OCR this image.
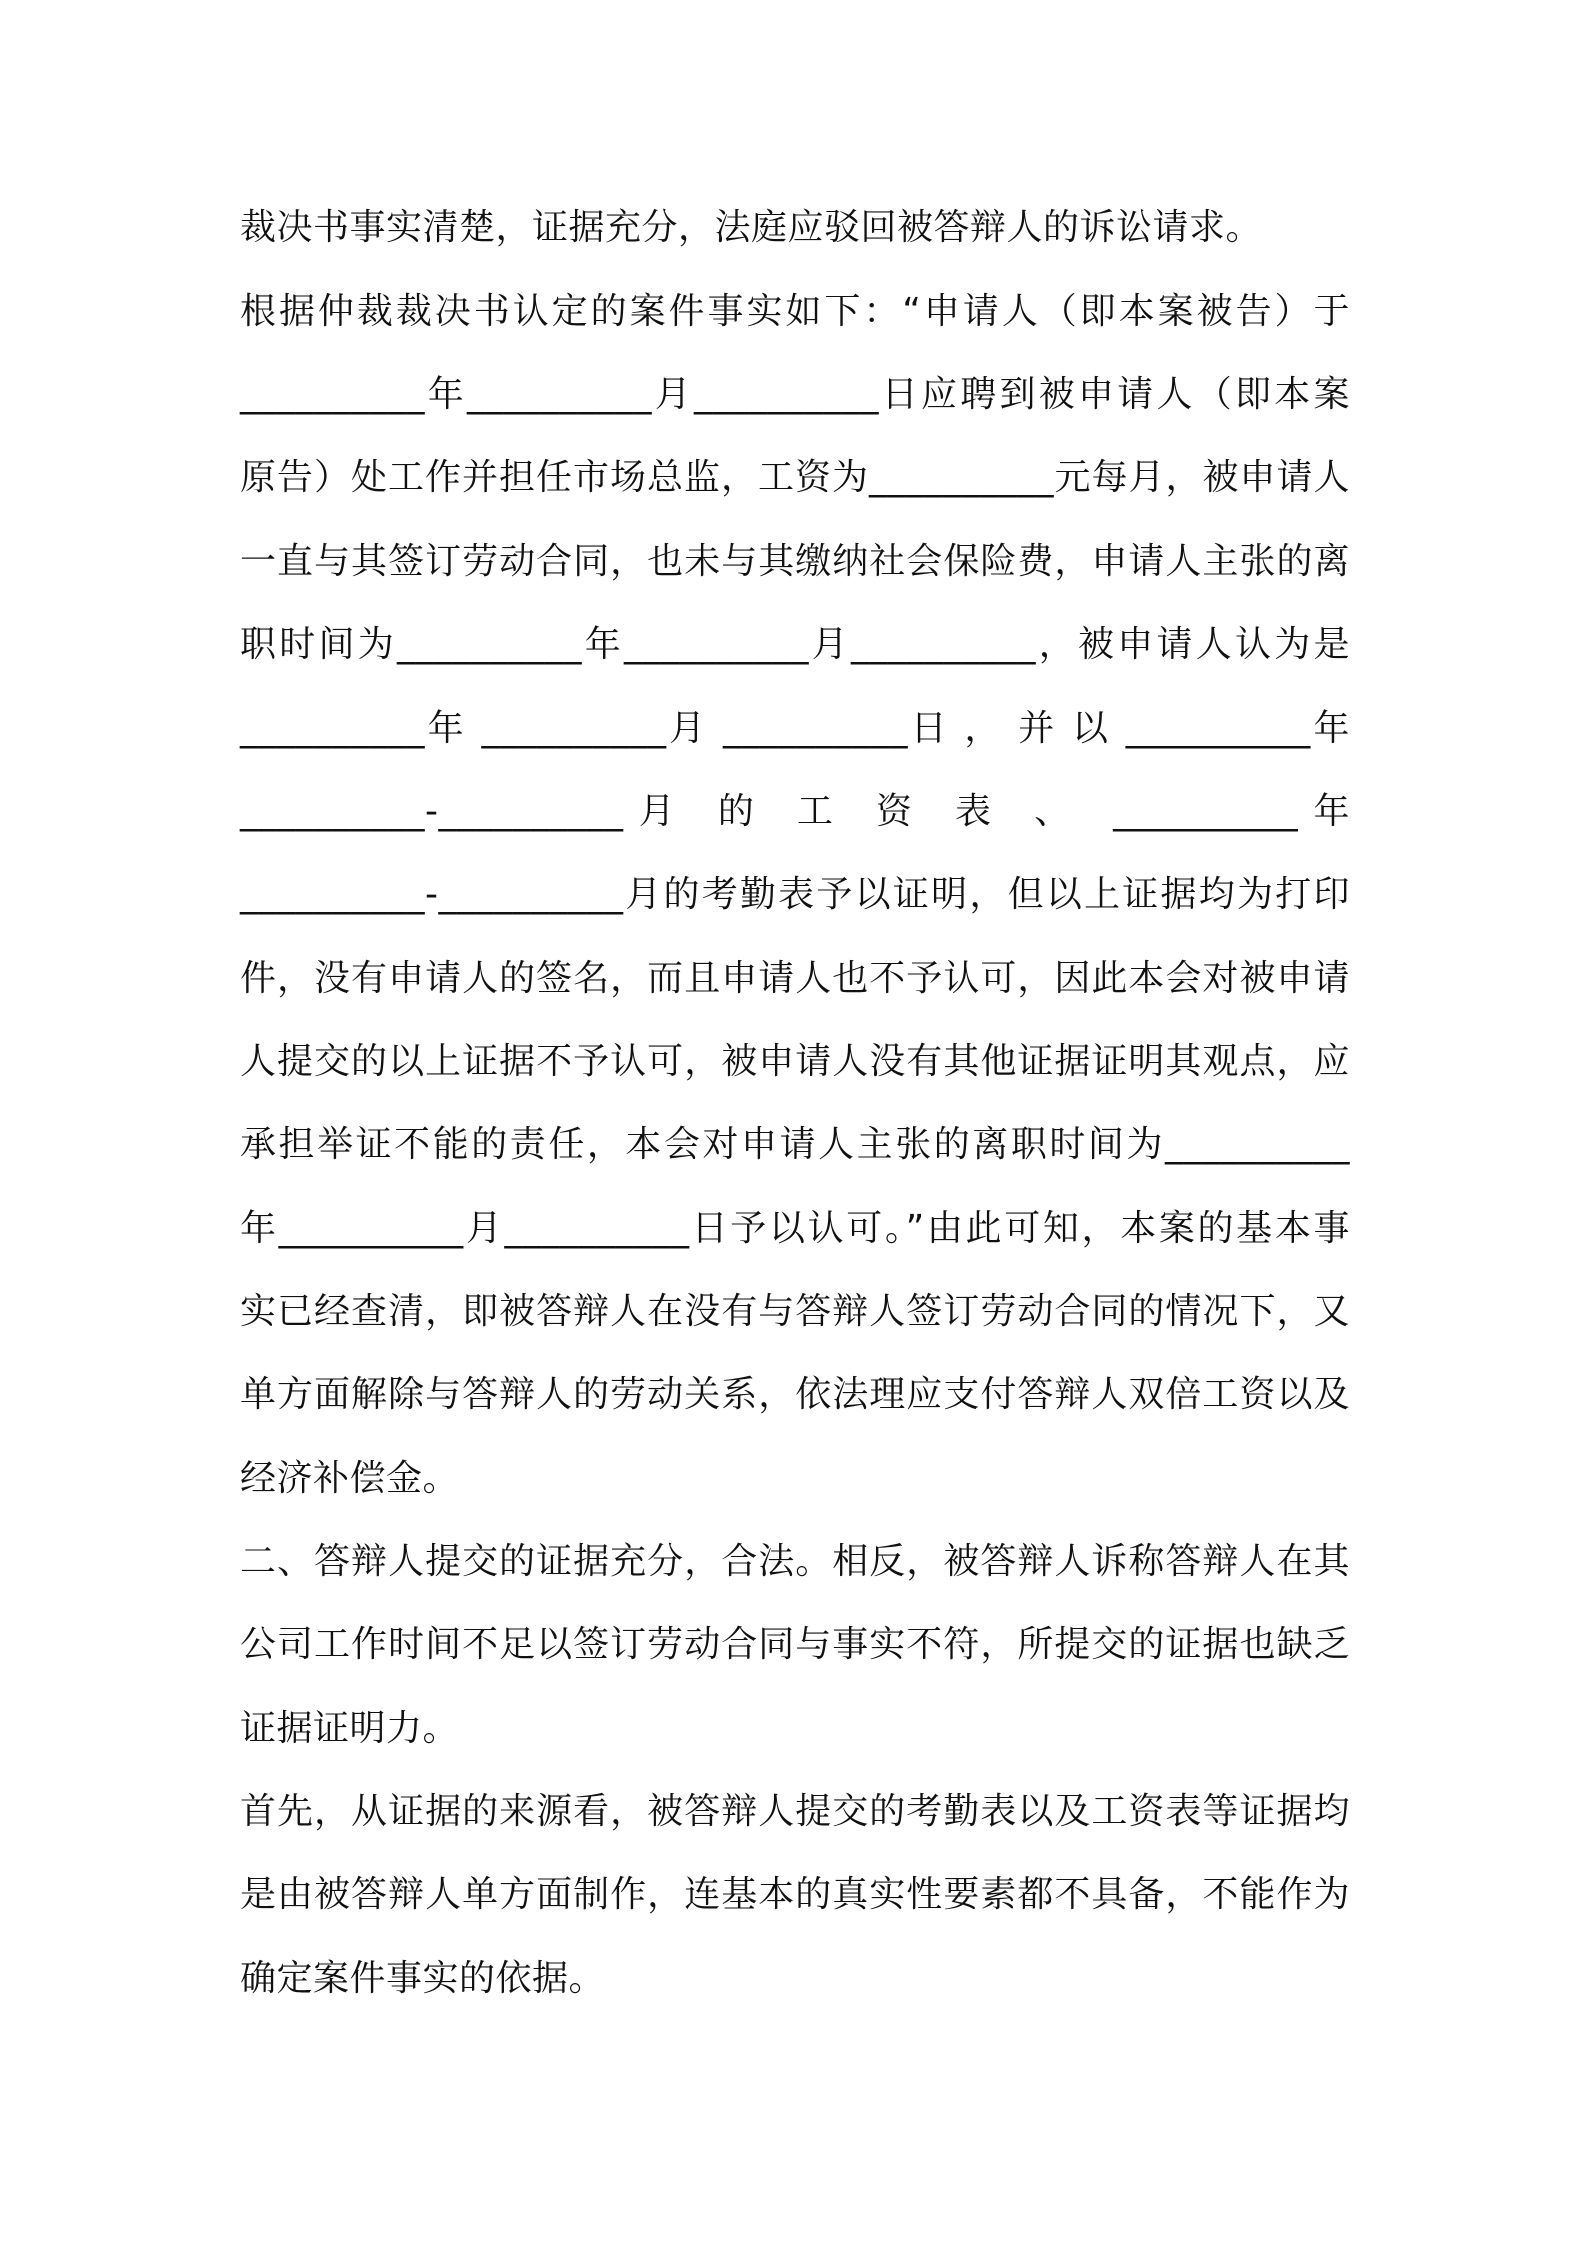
裁决书事实清楚，证据充分，法庭应驳回被答辩人的诉讼请求。
根据仲裁裁决书认定的案件事实如下：“申请人（即本案被告）于
__________年__________月__________日应聘到被申请人（即本案
原告）处工作并担任市场总监，工资为__________元每月，被申请人
一直与其签订劳动合同，也未与其缴纳社会保险费，申请人主张的离
职时间为__________年__________月__________，被申请人认为是
__________年 __________月 __________日 ， 并 以 __________年
__________-__________月 的 工 资 表 、 __________年
__________-__________月的考勤表予以证明，但以上证据均为打印
件，没有申请人的签名，而且申请人也不予认可，因此本会对被申请
人提交的以上证据不予认可，被申请人没有其他证据证明其观点，应
承担举证不能的责任，本会对申请人主张的离职时间为__________
年__________月__________日予以认可。”由此可知，本案的基本事
实已经查清，即被答辩人在没有与答辩人签订劳动合同的情况下，又
单方面解除与答辩人的劳动关系，依法理应支付答辩人双倍工资以及
经济补偿金。
二、答辩人提交的证据充分，合法。相反，被答辩人诉称答辩人在其
公司工作时间不足以签订劳动合同与事实不符，所提交的证据也缺乏
证据证明力。
首先，从证据的来源看，被答辩人提交的考勤表以及工资表等证据均
是由被答辩人单方面制作，连基本的真实性要素都不具备，不能作为
确定案件事实的依据。
